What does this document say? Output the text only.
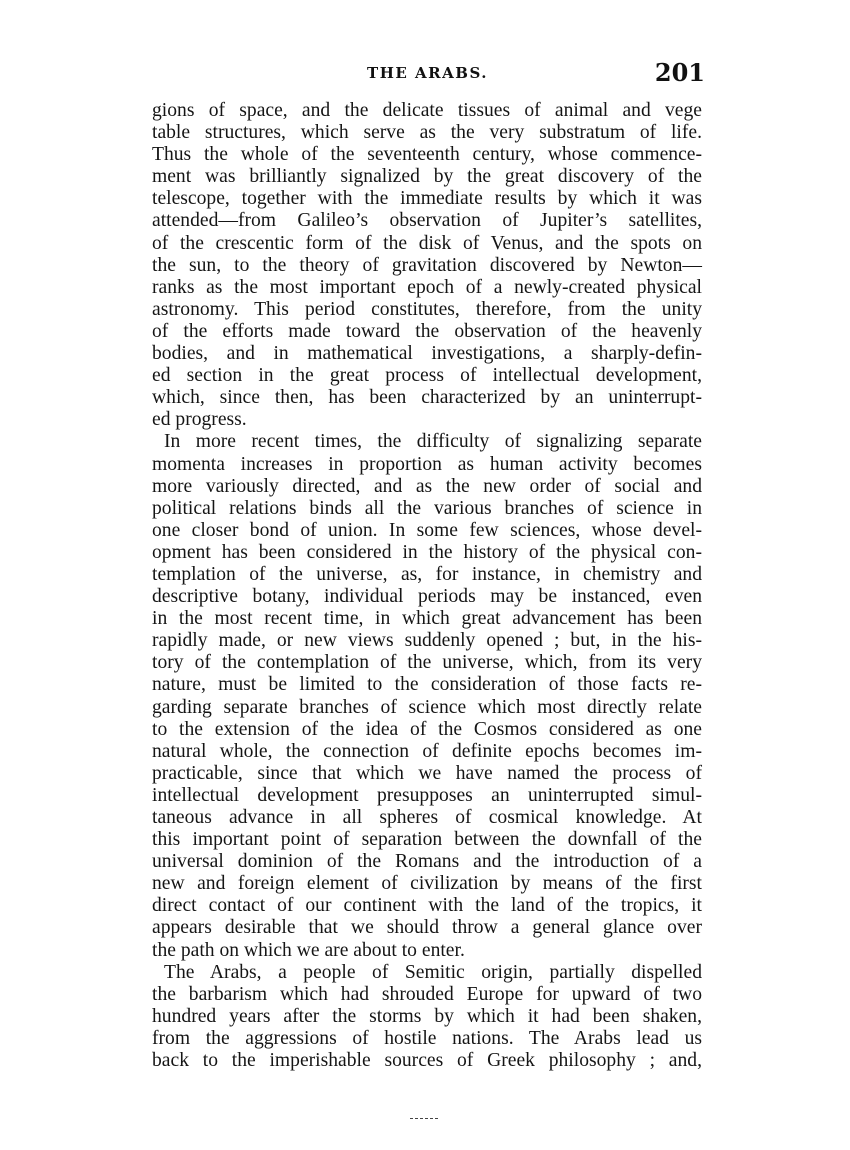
THE ARABS.	201
gions of space, and the delicate tissues of animal and vege
table structures, which serve as the very substratum of life.
Thus the whole of the seventeenth century, whose commence-
ment was brilliantly signalized by the great discovery of the
telescope, together with the immediate results by which it was
attended—from Galileo’s observation of Jupiter’s satellites,
of the crescentic form of the disk of Venus, and the spots on
the sun, to the theory of gravitation discovered by Newton—
ranks as the most important epoch of a newly-created physical
astronomy. This period constitutes, therefore, from the unity
of the efforts made toward the observation of the heavenly
bodies, and in mathematical investigations, a sharply-defin-
ed section in the great process of intellectual development,
which, since then, has been characterized by an uninterrupt-
ed progress.
In more recent times, the difficulty of signalizing separate
momenta increases in proportion as human activity becomes
more variously directed, and as the new order of social and
political relations binds all the various branches of science in
one closer bond of union. In some few sciences, whose devel-
opment has been considered in the history of the physical con-
templation of the universe, as, for instance, in chemistry and
descriptive botany, individual periods may be instanced, even
in the most recent time, in which great advancement has been
rapidly made, or new views suddenly opened ; but, in the his-
tory of the contemplation of the universe, which, from its very
nature, must be limited to the consideration of those facts re-
garding separate branches of science which most directly relate
to the extension of the idea of the Cosmos considered as one
natural whole, the connection of definite epochs becomes im-
practicable, since that which we have named the process of
intellectual development presupposes an uninterrupted simul-
taneous advance in all spheres of cosmical knowledge. At
this important point of separation between the downfall of the
universal dominion of the Romans and the introduction of a
new and foreign element of civilization by means of the first
direct contact of our continent with the land of the tropics, it
appears desirable that we should throw a general glance over
the path on which we are about to enter.
The Arabs, a people of Semitic origin, partially dispelled
the barbarism which had shrouded Europe for upward of two
hundred years after the storms by which it had been shaken,
from the aggressions of hostile nations. The Arabs lead us
back to the imperishable sources of Greek philosophy ; and,
